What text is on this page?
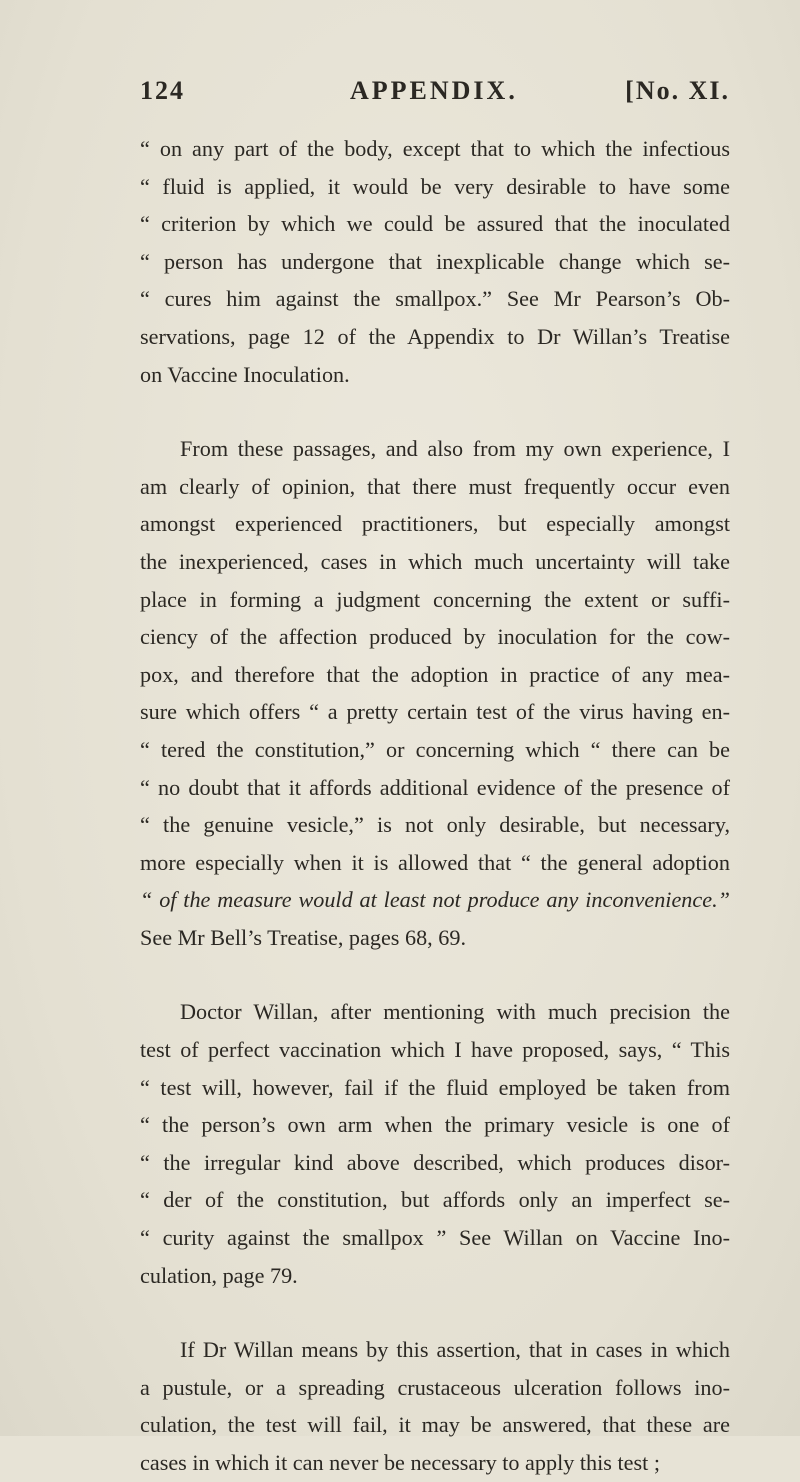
124	APPENDIX.	[No. XI.
“ on any part of the body, except that to which the infectious
“ fluid is applied, it would be very desirable to have some
“ criterion by which we could be assured that the inoculated
“ person has undergone that inexplicable change which se-
“ cures him against the smallpox.” See Mr Pearson’s Ob-
servations, page 12 of the Appendix to Dr Willan’s Treatise
on Vaccine Inoculation.
From these passages, and also from my own experience, I
am clearly of opinion, that there must frequently occur even
amongst experienced practitioners, but especially amongst
the inexperienced, cases in which much uncertainty will take
place in forming a judgment concerning the extent or suffi-
ciency of the affection produced by inoculation for the cow-
pox, and therefore that the adoption in practice of any mea-
sure which offers “ a pretty certain test of the virus having en-
“ tered the constitution,” or concerning which “ there can be
“ no doubt that it affords additional evidence of the presence of
“ the genuine vesicle,” is not only desirable, but necessary,
more especially when it is allowed that “ the general adoption
“ of the measure would at least not produce any inconvenience.”
See Mr Bell’s Treatise, pages 68, 69.
Doctor Willan, after mentioning with much precision the
test of perfect vaccination which I have proposed, says, “ This
“ test will, however, fail if the fluid employed be taken from
“ the person’s own arm when the primary vesicle is one of
“ the irregular kind above described, which produces disor-
“ der of the constitution, but affords only an imperfect se-
“ curity against the smallpox ” See Willan on Vaccine Ino-
culation, page 79.
If Dr Willan means by this assertion, that in cases in which
a pustule, or a spreading crustaceous ulceration follows ino-
culation, the test will fail, it may be answered, that these are
cases in which it can never be necessary to apply this test ;
